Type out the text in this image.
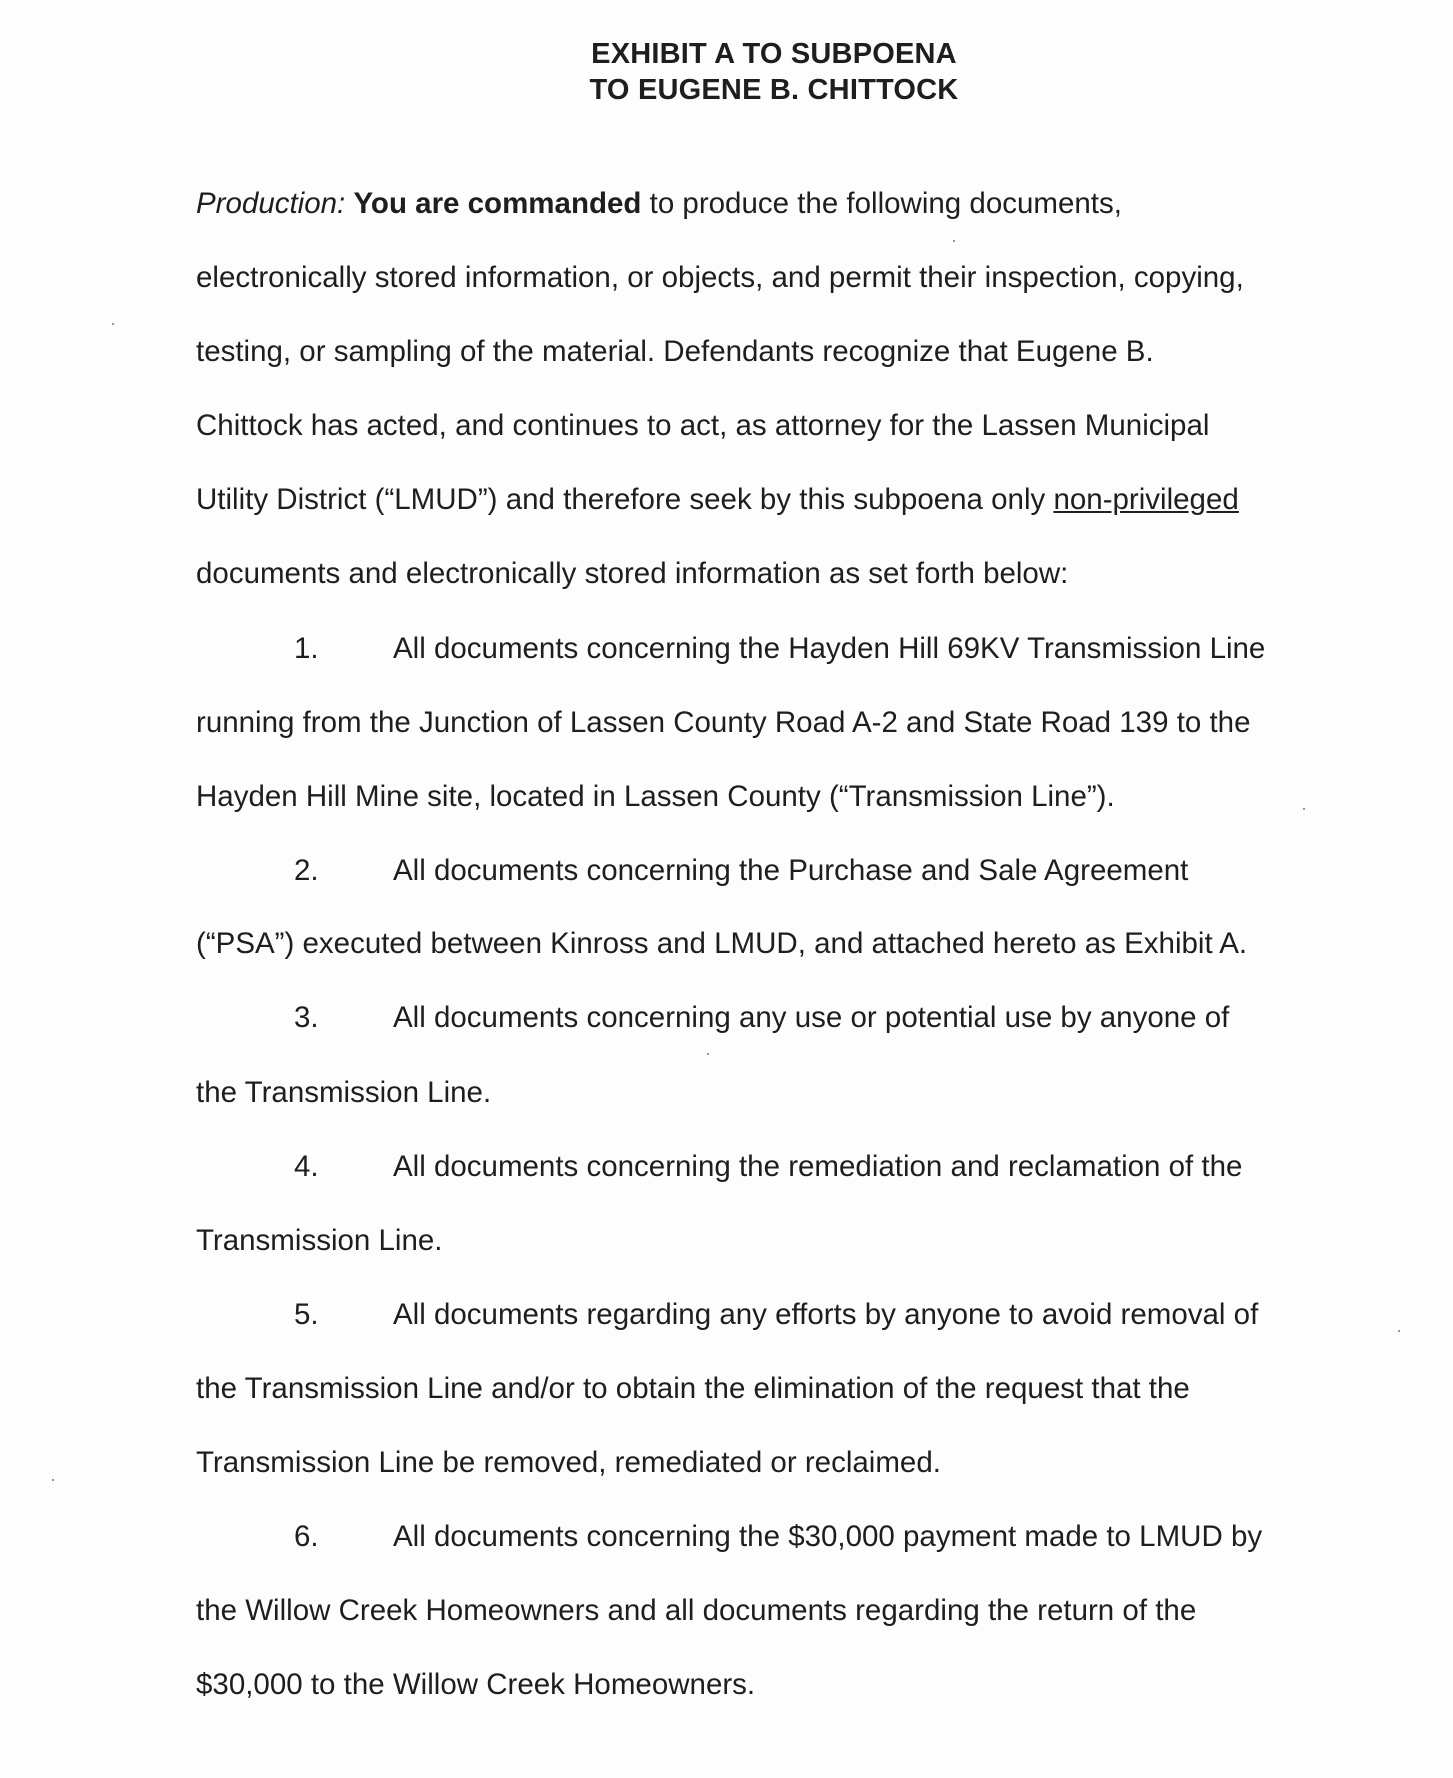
EXHIBIT A TO SUBPOENA
TO EUGENE B. CHITTOCK
Production: You are commanded to produce the following documents,
electronically stored information, or objects, and permit their inspection, copying,
testing, or sampling of the material. Defendants recognize that Eugene B.
Chittock has acted, and continues to act, as attorney for the Lassen Municipal
Utility District (“LMUD”) and therefore seek by this subpoena only non-privileged
documents and electronically stored information as set forth below:
1.	All documents concerning the Hayden Hill 69KV Transmission Line
running from the Junction of Lassen County Road A-2 and State Road 139 to the
Hayden Hill Mine site, located in Lassen County (“Transmission Line”).
2.	All documents concerning the Purchase and Sale Agreement
(“PSA”) executed between Kinross and LMUD, and attached hereto as Exhibit A.
3.	All documents concerning any use or potential use by anyone of
the Transmission Line.
4.	All documents concerning the remediation and reclamation of the
Transmission Line.
5.	All documents regarding any efforts by anyone to avoid removal of
the Transmission Line and/or to obtain the elimination of the request that the
Transmission Line be removed, remediated or reclaimed.
6.	All documents concerning the $30,000 payment made to LMUD by
the Willow Creek Homeowners and all documents regarding the return of the
$30,000 to the Willow Creek Homeowners.
